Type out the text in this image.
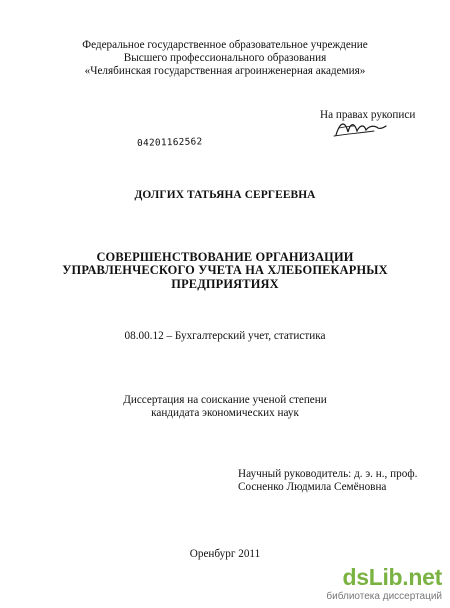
Федеральное государственное образовательное учреждение
Высшего профессионального образования
«Челябинская государственная агроинженерная академия»
На правах рукописи
04201162562
ДОЛГИХ ТАТЬЯНА СЕРГЕЕВНА
СОВЕРШЕНСТВОВАНИЕ ОРГАНИЗАЦИИ
УПРАВЛЕНЧЕСКОГО УЧЕТА НА ХЛЕБОПЕКАРНЫХ
ПРЕДПРИЯТИЯХ
08.00.12 – Бухгалтерский учет, статистика
Диссертация на соискание ученой степени
кандидата экономических наук
Научный руководитель: д. э. н., проф.
Сосненко Людмила Семёновна
Оренбург 2011
dsLib.net
библиотека диссертаций
